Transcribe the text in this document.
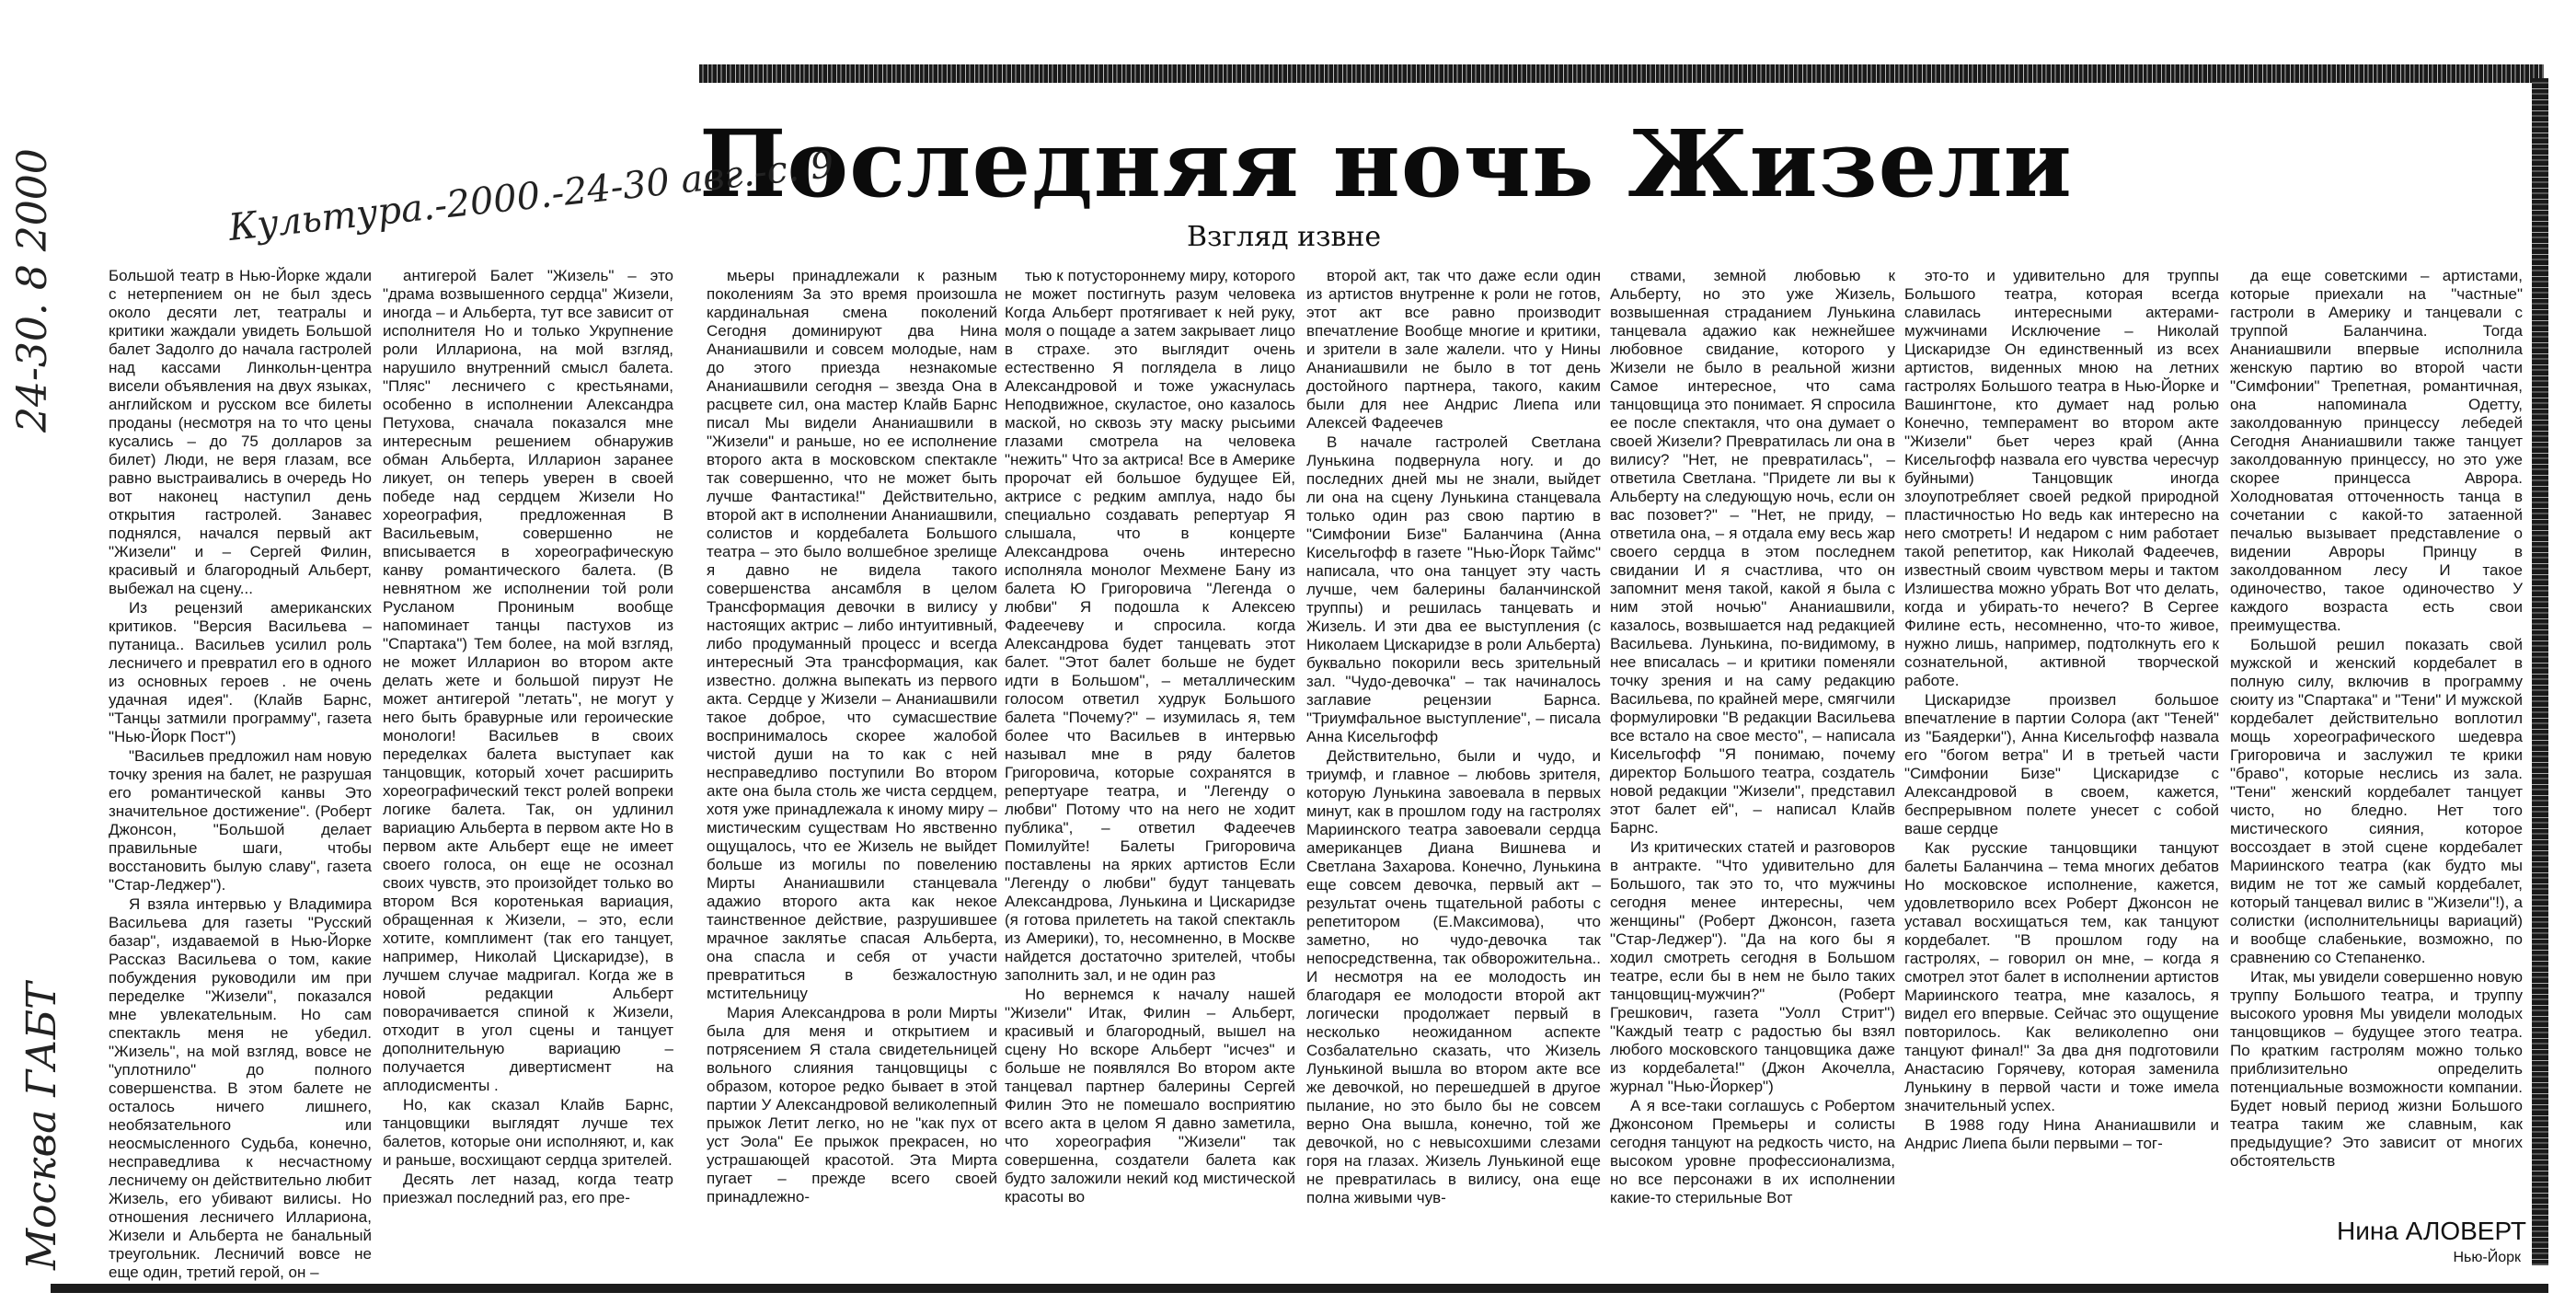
24-30. 8 2000
Москва ГАБТ
Последняя ночь Жизели
Культура.-2000.-24-30 авг.-с. 9	Взгляд извне

Большой театр в Нью-Йорке ждали с нетерпением он не был здесь около десяти лет, театралы и критики жаждали увидеть Большой балет Задолго до начала гастролей над кассами Линкольн-центра висели объявления на двух языках, английском и русском все билеты проданы (несмотря на то что цены кусались – до 75 долларов за билет) Люди, не веря глазам, все равно выстраивались в очередь Но вот наконец наступил день открытия гастролей. Занавес поднялся, начался первый акт "Жизели" и – Сергей Филин, красивый и благородный Альберт, выбежал на сцену...

Из рецензий американских критиков. "Версия Васильева – путаница.. Васильев усилил роль лесничего и превратил его в одного из основных героев . не очень удачная идея". (Клайв Барнс, "Танцы затмили программу", газета "Нью-Йорк Пост")

"Васильев предложил нам новую точку зрения на балет, не разрушая его романтической канвы Это значительное достижение". (Роберт Джонсон, "Большой делает правильные шаги, чтобы восстановить былую славу", газета "Стар-Леджер").

Я взяла интервью у Владимира Васильева для газеты "Русский базар", издаваемой в Нью-Йорке Рассказ Васильева о том, какие побуждения руководили им при переделке "Жизели", показался мне увлекательным. Но сам спектакль меня не убедил. "Жизель", на мой взгляд, вовсе не "уплотнило" до полного совершенства. В этом балете не осталось ничего лишнего, необязательного или неосмысленного Судьба, конечно, несправедлива к несчастному лесничему он действительно любит Жизель, его убивают вилисы. Но отношения лесничего Иллариона, Жизели и Альберта не банальный треугольник. Лесничий вовсе не еще один, третий герой, он –

антигерой Балет "Жизель" – это "драма возвышенного сердца" Жизели, иногда – и Альберта, тут все зависит от исполнителя Но и только Укрупнение роли Иллариона, на мой взгляд, нарушило внутренний смысл балета. "Пляс" лесничего с крестьянами, особенно в исполнении Александра Петухова, сначала показался мне интересным решением обнаружив обман Альберта, Илларион заранее ликует, он теперь уверен в своей победе над сердцем Жизели Но хореография, предложенная В Васильевым, совершенно не вписывается в хореографическую канву романтического балета. (В невнятном же исполнении той роли Русланом Прониным вообще напоминает танцы пастухов из "Спартака") Тем более, на мой взгляд, не может Илларион во втором акте делать жете и большой пируэт Не может антигерой "летать", не могут у него быть бравурные или героические монологи! Васильев в своих переделках балета выступает как танцовщик, который хочет расширить хореографический текст ролей вопреки логике балета. Так, он удлинил вариацию Альберта в первом акте Но в первом акте Альберт еще не имеет своего голоса, он еще не осознал своих чувств, это произойдет только во втором Вся коротенькая вариация, обращенная к Жизели, – это, если хотите, комплимент (так его танцует, например, Николай Цискаридзе), в лучшем случае мадригал. Когда же в новой редакции Альберт поворачивается спиной к Жизели, отходит в угол сцены и танцует дополнительную вариацию – получается дивертисмент на аплодисменты .

Но, как сказал Клайв Барнс, танцовщики выглядят лучше тех балетов, которые они исполняют, и, как и раньше, восхищают сердца зрителей.

Десять лет назад, когда театр приезжал последний раз, его пре-

мьеры принадлежали к разным поколениям За это время произошла кардинальная смена поколений Сегодня доминируют два Нина Ананиашвили и совсем молодые, нам до этого приезда незнакомые Ананиашвили сегодня – звезда Она в расцвете сил, она мастер Клайв Барнс писал Мы видели Ананиашвили в "Жизели" и раньше, но ее исполнение второго акта в московском спектакле так совершенно, что не может быть лучше Фантастика!" Действительно, второй акт в исполнении Ананиашвили, солистов и кордебалета Большого театра – это было волшебное зрелище я давно не видела такого совершенства ансамбля в целом Трансформация девочки в вилису у настоящих актрис – либо интуитивный, либо продуманный процесс и всегда интересный Эта трансформация, как известно. должна выпекать из первого акта. Сердце у Жизели – Ананиашвили такое доброе, что сумасшествие воспринималось скорее жалобой чистой души на то как с ней несправедливо поступили Во втором акте она была столь же чиста сердцем, хотя уже принадлежала к иному миру – мистическим существам Но явственно ощущалось, что ее Жизель не выйдет больше из могилы по повелению Мирты Ананиашвили станцевала адажио второго акта как некое таинственное действие, разрушившее мрачное заклятье спасая Альберта, она спасла и себя от участи превратиться в безжалостную мстительницу

Мария Александрова в роли Мирты была для меня и открытием и потрясением Я стала свидетельницей вольного слияния танцовщицы с образом, которое редко бывает в этой партии У Александровой великолепный прыжок Летит легко, но не "как пух от уст Эола" Ее прыжок прекрасен, но устрашающей красотой. Эта Мирта пугает – прежде всего своей принадлежно-

тью к потустороннему миру, которого не может постигнуть разум человека Когда Альберт протягивает к ней руку, моля о пощаде а затем закрывает лицо в страхе. это выглядит очень естественно Я поглядела в лицо Александровой и тоже ужаснулась Неподвижное, скуластое, оно казалось маской, но сквозь эту маску рысьими глазами смотрела на человека "нежить" Что за актриса! Все в Америке пророчат ей большое будущее Ей, актрисе с редким амплуа, надо бы специально создавать репертуар Я слышала, что в концерте Александрова очень интересно исполняла монолог Мехмене Бану из балета Ю Григоровича "Легенда о любви" Я подошла к Алексею Фадеечеву и спросила. когда Александрова будет танцевать этот балет. "Этот балет больше не будет идти в Большом", – металлическим голосом ответил худрук Большого балета "Почему?" – изумилась я, тем более что Васильев в интервью называл мне в ряду балетов Григоровича, которые сохранятся в репертуаре театра, и "Легенду о любви" Потому что на него не ходит публика", – ответил Фадеечев Помилуйте! Балеты Григоровича поставлены на ярких артистов Если "Легенду о любви" будут танцевать Александрова, Лунькина и Цискаридзе (я готова прилететь на такой спектакль из Америки), то, несомненно, в Москве найдется достаточно зрителей, чтобы заполнить зал, и не один раз

Но вернемся к началу нашей "Жизели" Итак, Филин – Альберт, красивый и благородный, вышел на сцену Но вскоре Альберт "исчез" и больше не появлялся Во втором акте танцевал партнер балерины Сергей Филин Это не помешало восприятию всего акта в целом Я давно заметила, что хореография "Жизели" так совершенна, создатели балета как будто заложили некий код мистической красоты во

второй акт, так что даже если один из артистов внутренне к роли не готов, этот акт все равно производит впечатление Вообще многие и критики, и зрители в зале жалели. что у Нины Ананиашвили не было в тот день достойного партнера, такого, каким были для нее Андрис Лиепа или Алексей Фадеечев

В начале гастролей Светлана Лунькина подвернула ногу. и до последних дней мы не знали, выйдет ли она на сцену Лунькина станцевала только один раз свою партию в "Симфонии Бизе" Баланчина (Анна Кисельгофф в газете "Нью-Йорк Таймс" написала, что она танцует эту часть лучше, чем балерины баланчинской труппы) и решилась танцевать и Жизель. И эти два ее выступления (с Николаем Цискаридзе в роли Альберта) буквально покорили весь зрительный зал. "Чудо-девочка" – так начиналось заглавие рецензии Барнса. "Триумфальное выступление", – писала Анна Кисельгофф

Действительно, были и чудо, и триумф, и главное – любовь зрителя, которую Лунькина завоевала в первых минут, как в прошлом году на гастролях Мариинского театра завоевали сердца американцев Диана Вишнева и Светлана Захарова. Конечно, Лунькина еще совсем девочка, первый акт – результат очень тщательной работы с репетитором (Е.Максимова), что заметно, но чудо-девочка так непосредственна, так обворожительна.. И несмотря на ее молодость ин благодаря ее молодости второй акт логически продолжает первый в несколько неожиданном аспекте Созбалательно сказать, что Жизель Лунькиной вышла во втором акте все же девочкой, но перешедшей в другое пылание, но это было бы не совсем верно Она вышла, конечно, той же девочкой, но с невысохшими слезами горя на глазах. Жизель Лунькиной еще не превратилась в вилису, она еще полна живыми чув-

ствами, земной любовью к Альберту, но это уже Жизель, возвышенная страданием Лунькина танцевала адажио как нежнейшее любовное свидание, которого у Жизели не было в реальной жизни Самое интересное, что сама танцовщица это понимает. Я спросила ее после спектакля, что она думает о своей Жизели? Превратилась ли она в вилису? "Нет, не превратилась", – ответила Светлана. "Придете ли вы к Альберту на следующую ночь, если он вас позовет?" – "Нет, не приду, – ответила она, – я отдала ему весь жар своего сердца в этом последнем свидании И я счастлива, что он запомнит меня такой, какой я была с ним этой ночью" Ананиашвили, казалось, возвышается над редакцией Васильева. Лунькина, по-видимому, в нее вписалась – и критики поменяли точку зрения и на саму редакцию Васильева, по крайней мере, смягчили формулировки "В редакции Васильева все встало на свое место", – написала Кисельгофф "Я понимаю, почему директор Большого театра, создатель новой редакции "Жизели", представил этот балет ей", – написал Клайв Барнс.

Из критических статей и разговоров в антракте. "Что удивительно для Большого, так это то, что мужчины сегодня менее интересны, чем женщины" (Роберт Джонсон, газета "Стар-Леджер"). "Да на кого бы я ходил смотреть сегодня в Большом театре, если бы в нем не было таких танцовщиц-мужчин?" (Роберт Грешкович, газета "Уолл Стрит") "Каждый театр с радостью бы взял любого московского танцовщика даже из кордебалета!" (Джон Акочелла, журнал "Нью-Йоркер")

А я все-таки соглашусь с Робертом Джонсоном Премьеры и солисты сегодня танцуют на редкость чисто, на высоком уровне профессионализма, но все персонажи в их исполнении какие-то стерильные Вот

это-то и удивительно для труппы Большого театра, которая всегда славилась интересными актерами-мужчинами Исключение – Николай Цискаридзе Он единственный из всех артистов, виденных мною на летних гастролях Большого театра в Нью-Йорке и Вашингтоне, кто думает над ролью Конечно, темперамент во втором акте "Жизели" бьет через край (Анна Кисельгофф назвала его чувства чересчур буйными) Танцовщик иногда злоупотребляет своей редкой природной пластичностью Но ведь как интересно на него смотреть! И недаром с ним работает такой репетитор, как Николай Фадеечев, известный своим чувством меры и тактом Излишества можно убрать Вот что делать, когда и убирать-то нечего? В Сергее Филине есть, несомненно, что-то живое, нужно лишь, например, подтолкнуть его к сознательной, активной творческой работе.

Цискаридзе произвел большое впечатление в партии Солора (акт "Теней" из "Баядерки"), Анна Кисельгофф назвала его "богом ветра" И в третьей части "Симфонии Бизе" Цискаридзе с Александровой в своем, кажется, беспрерывном полете унесет с собой ваше сердце

Как русские танцовщики танцуют балеты Баланчина – тема многих дебатов Но московское исполнение, кажется, удовлетворило всех Роберт Джонсон не уставал восхищаться тем, как танцуют кордебалет. "В прошлом году на гастролях, – говорил он мне, – когда я смотрел этот балет в исполнении артистов Мариинского театра, мне казалось, я видел его впервые. Сейчас это ощущение повторилось. Как великолепно они танцуют финал!" За два дня подготовили Анастасию Горячеву, которая заменила Лунькину в первой части и тоже имела значительный успех.

В 1988 году Нина Ананиашвили и Андрис Лиепа были первыми – тог-

да еще советскими – артистами, которые приехали на "частные" гастроли в Америку и танцевали с труппой Баланчина. Тогда Ананиашвили впервые исполнила женскую партию во второй части "Симфонии" Трепетная, романтичная, она напоминала Одетту, заколдованную принцессу лебедей Сегодня Ананиашвили также танцует заколдованную принцессу, но это уже скорее принцесса Аврора. Холодноватая отточенность танца в сочетании с какой-то затаенной печалью вызывает представление о видении Авроры Принцу в заколдованном лесу И такое одиночество, такое одиночество У каждого возраста есть свои преимущества.

Большой решил показать свой мужской и женский кордебалет в полную силу, включив в программу сюиту из "Спартака" и "Тени" И мужской кордебалет действительно воплотил мощь хореографического шедевра Григоровича и заслужил те крики "браво", которые неслись из зала. "Тени" женский кордебалет танцует чисто, но бледно. Нет того мистического сияния, которое воссоздает в этой сцене кордебалет Мариинского театра (как будто мы видим не тот же самый кордебалет, который танцевал вилис в "Жизели"!), а солистки (исполнительницы вариаций) и вообще слабенькие, возможно, по сравнению со Степаненко.

Итак, мы увидели совершенно новую труппу Большого театра, и труппу высокого уровня Мы увидели молодых танцовщиков – будущее этого театра. По кратким гастролям можно только приблизительно определить потенциальные возможности компании. Будет новый период жизни Большого театра таким же славным, как предыдущие? Это зависит от многих обстоятельств

Нина АЛОВЕРТ
Нью-Йорк
